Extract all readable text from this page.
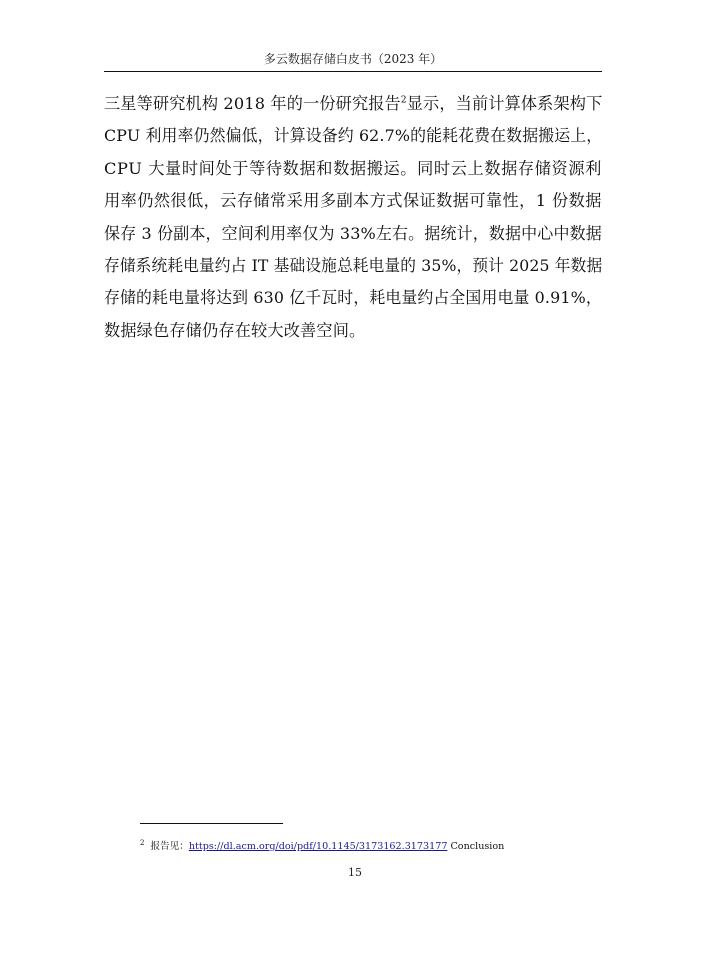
多云数据存储白皮书（2023 年）
三星等研究机构 2018 年的一份研究报告$^2$显示，当前计算体系架构下
CPU 利用率仍然偏低，计算设备约 62.7%的能耗花费在数据搬运上，
CPU 大量时间处于等待数据和数据搬运。同时云上数据存储资源利
用率仍然很低，云存储常采用多副本方式保证数据可靠性，1 份数据
保存 3 份副本，空间利用率仅为 33%左右。据统计，数据中心中数据
存储系统耗电量约占 IT 基础设施总耗电量的 35%，预计 2025 年数据
存储的耗电量将达到 630 亿千瓦时，耗电量约占全国用电量 0.91%，
数据绿色存储仍存在较大改善空间。
$^2$ 报告见：https://dl.acm.org/doi/pdf/10.1145/3173162.3173177 Conclusion
15
